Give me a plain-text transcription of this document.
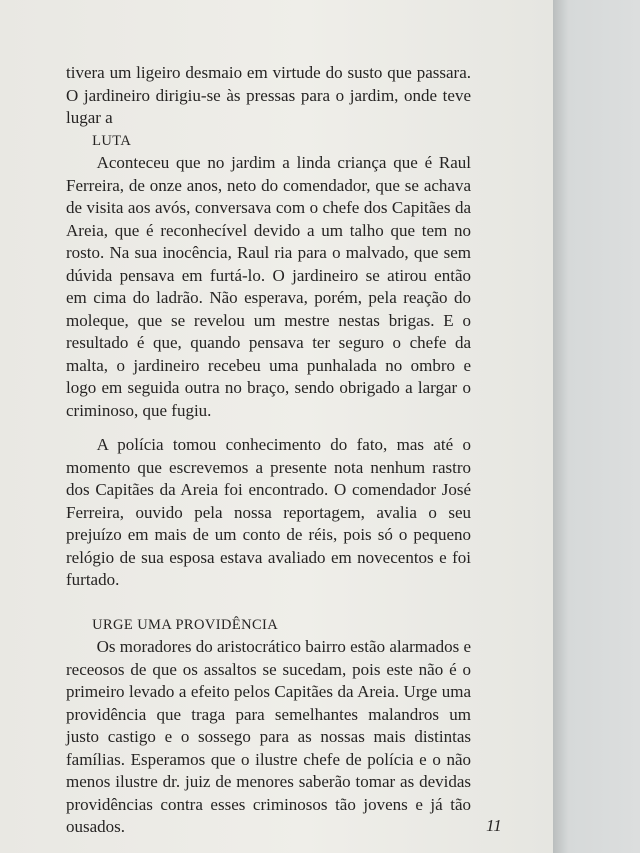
tivera um ligeiro desmaio em virtude do susto que passara. O jardineiro dirigiu-se às pressas para o jardim, onde teve lugar a

LUTA

Aconteceu que no jardim a linda criança que é Raul Ferreira, de onze anos, neto do comendador, que se achava de visita aos avós, conversava com o chefe dos Capitães da Areia, que é reconhecível devido a um talho que tem no rosto. Na sua inocência, Raul ria para o malvado, que sem dúvida pensava em furtá-lo. O jardineiro se atirou então em cima do ladrão. Não esperava, porém, pela reação do moleque, que se revelou um mestre nestas brigas. E o resultado é que, quando pensava ter seguro o chefe da malta, o jardineiro recebeu uma punhalada no ombro e logo em seguida outra no braço, sendo obrigado a largar o criminoso, que fugiu.

A polícia tomou conhecimento do fato, mas até o momento que escrevemos a presente nota nenhum rastro dos Capitães da Areia foi encontrado. O comendador José Ferreira, ouvido pela nossa reportagem, avalia o seu prejuízo em mais de um conto de réis, pois só o pequeno relógio de sua esposa estava avaliado em novecentos e foi furtado.

URGE UMA PROVIDÊNCIA

Os moradores do aristocrático bairro estão alarmados e receosos de que os assaltos se sucedam, pois este não é o primeiro levado a efeito pelos Capitães da Areia. Urge uma providência que traga para semelhantes malandros um justo castigo e o sossego para as nossas mais distintas famílias. Esperamos que o ilustre chefe de polícia e o não menos ilustre dr. juiz de menores saberão tomar as devidas providências contra esses criminosos tão jovens e já tão ousados.	11
